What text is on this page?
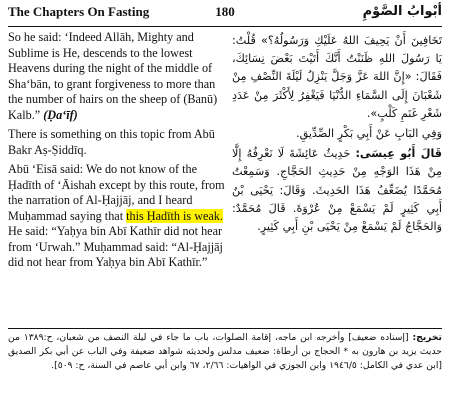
The Chapters On Fasting	180	أبْوابُ الصَّوْمِ

So he said: ‘Indeed Allāh, Mighty and Sublime is He, descends to the lowest Heavens during the night of the middle of Sha‘bān, to grant forgiveness to more than the number of hairs on the sheep of (Banū) Kalb.” (Ḍa‘īf)

There is something on this topic from Abū Bakr Aṣ-Ṣiddīq.

Abū ‘Eisā said: We do not know of the Ḥadīth of ‘Āishah except by this route, from the narration of Al-Ḥajjāj, and I heard Muḥammad saying that this Ḥadīth is weak. He said: “Yaḥya bin Abī Kathīr did not hear from ‘Urwah.” Muḥammad said: “Al-Ḥajjāj did not hear from Yaḥya bin Abī Kathīr.”

تَخَافِينَ أَنْ يَحِيفَ اللهُ عَلَيْكِ وَرَسُولُهُ؟» قُلْتُ: يَا رَسُولَ اللهِ ظَنَنْتُ أَنَّكَ أَتَيْتَ بَعْضَ نِسَائِكَ، فَقَالَ: «إِنَّ اللهَ عَزَّ وَجَلَّ يَنْزِلُ لَيْلَةَ النِّصْفِ مِنْ شَعْبَانَ إِلَى السَّمَاءِ الدُّنْيَا فَيَغْفِرُ لِأَكْثَرَ مِنْ عَدَدِ شَعْرِ غَنَمِ كَلْبٍ».

وَفِي البَابِ عَنْ أَبِي بَكْرٍ الصِّدِّيقِ.

قَالَ أَبُو عِيسَى: حَدِيثُ عَائِشَةَ لَا نَعْرِفُهُ إِلَّا مِنْ هَذَا الوَجْهِ مِنْ حَدِيثِ الحَجَّاجِ. وَسَمِعْتُ مُحَمَّدًا يُضَعِّفُ هَذَا الحَدِيثَ. وَقَالَ: يَحْيَى بْنُ أَبِي كَثِيرٍ لَمْ يَسْمَعْ مِنْ عُرْوَةَ. قَالَ مُحَمَّدٌ: وَالحَجَّاجُ لَمْ يَسْمَعْ مِنْ يَحْيَى بْنِ أَبِي كَثِيرٍ.

تخريج: [إسناده ضعيف] وأخرجه ابن ماجه، إقامة الصلوات، باب ما جاء في ليلة النصف من شعبان، ح:١٣٨٩ من حديث يزيد بن هارون به * الحجاج بن أرطاة: ضعيف مدلس ولحديثه شواهد ضعيفة وفي الباب عن أبي بكر الصديق [ابن عدي في الكامل: ١٩٤٦/٥ وابن الجوزي في الواهيات: ٢/٦٦، ٦٧ وابن أبي عاصم في السنة، ح: ٥٠٩].
